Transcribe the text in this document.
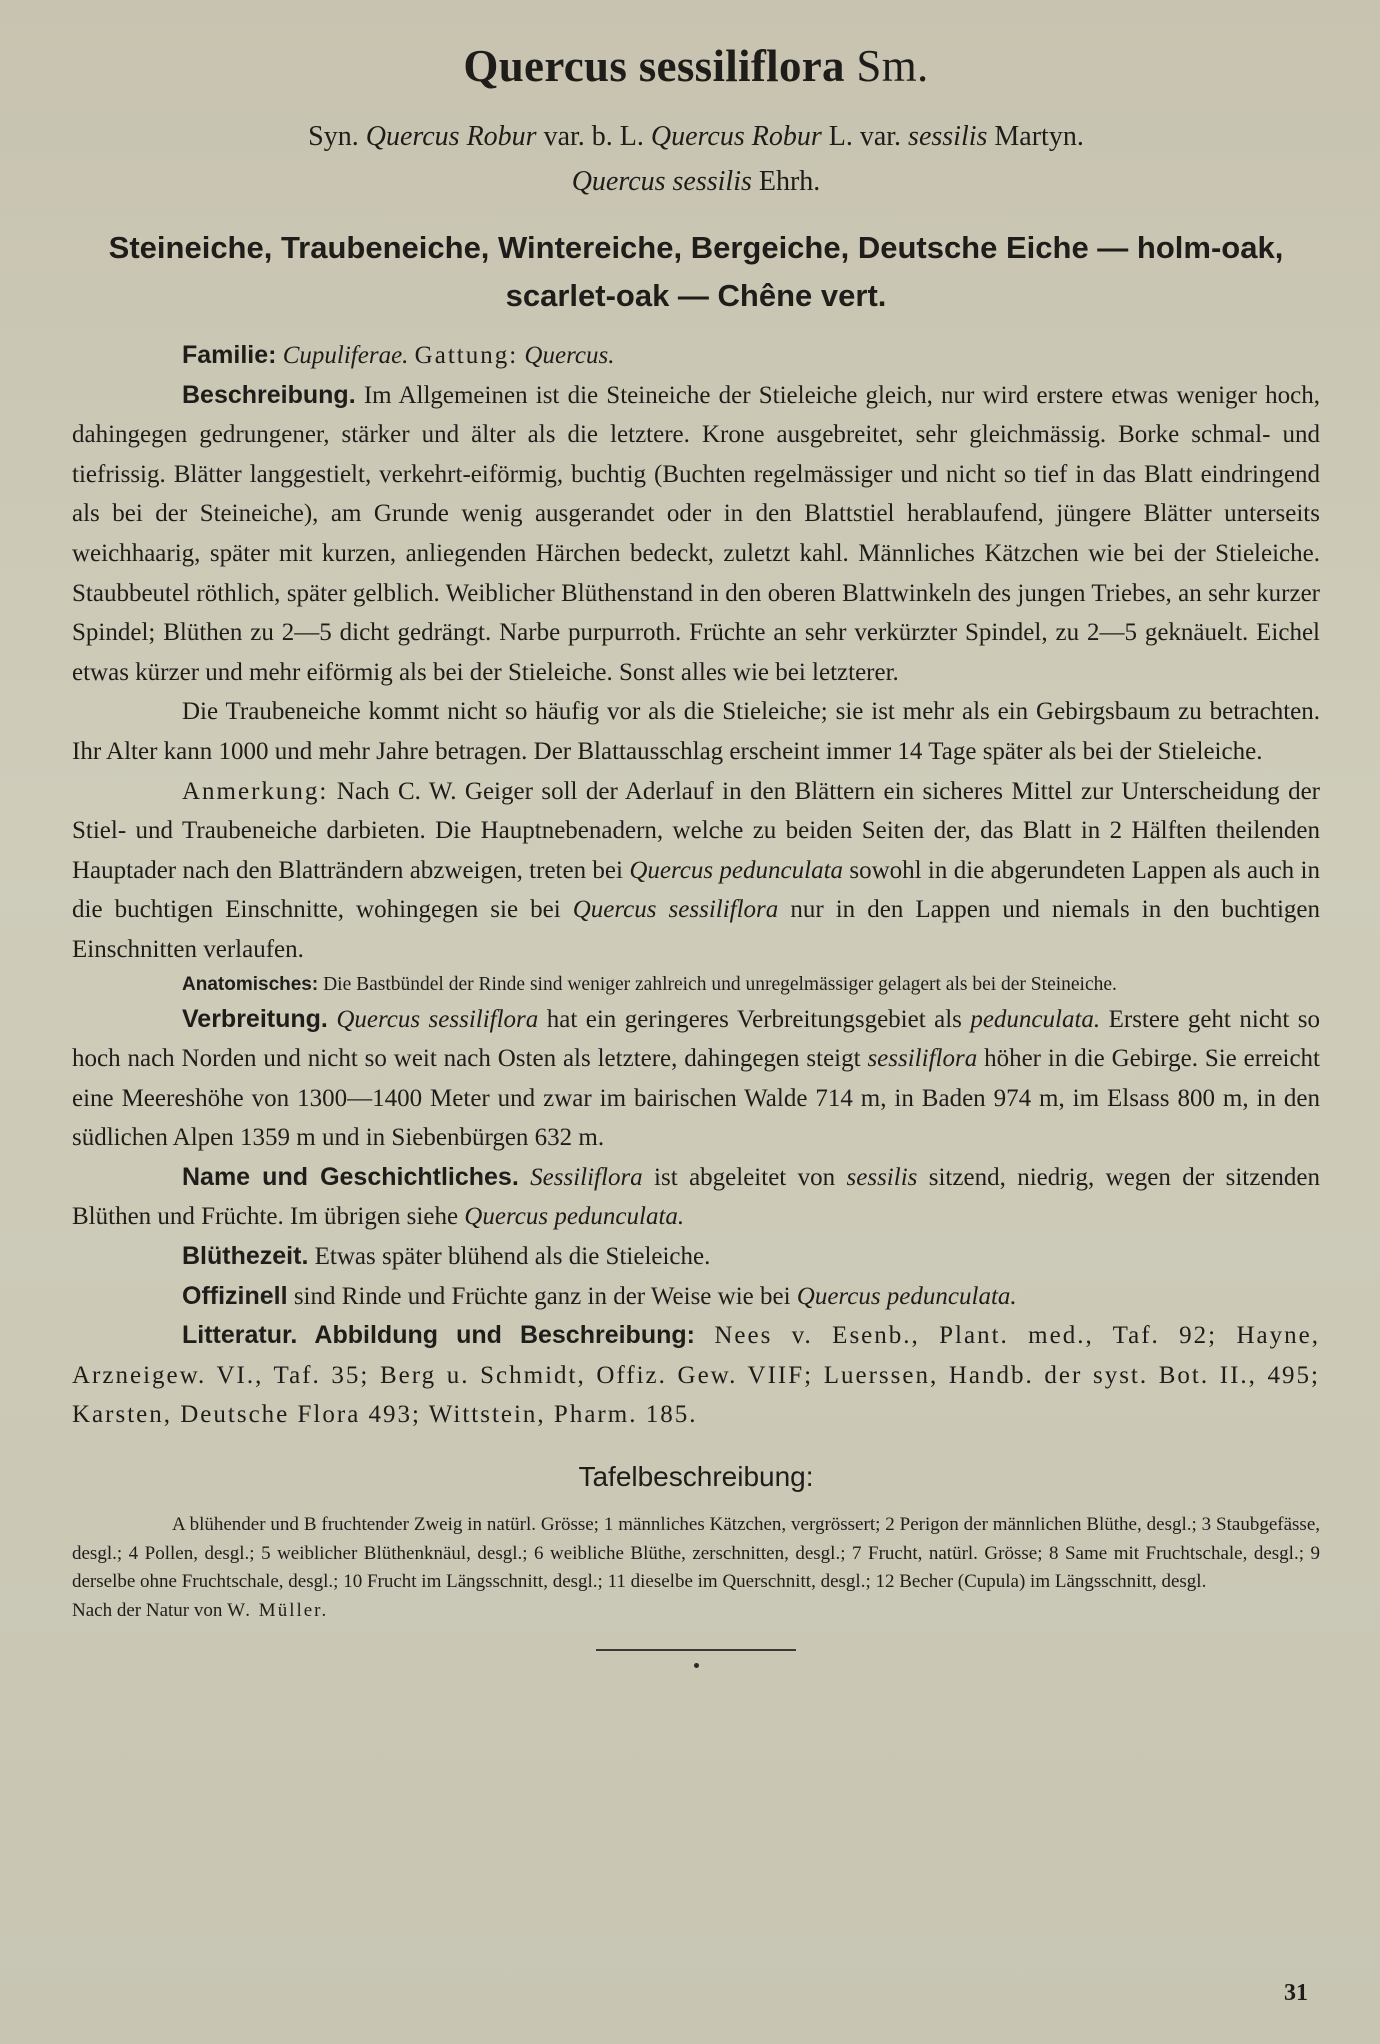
Quercus sessiliflora Sm.
Syn. Quercus Robur var. b. L. Quercus Robur L. var. sessilis Martyn.
Quercus sessilis Ehrh.
Steineiche, Traubeneiche, Wintereiche, Bergeiche, Deutsche Eiche — holm-oak,
scarlet-oak — Chêne vert.

Familie: Cupuliferae. Gattung: Quercus.

Beschreibung. Im Allgemeinen ist die Steineiche der Stieleiche gleich, nur wird erstere etwas weniger hoch, dahingegen gedrungener, stärker und älter als die letztere. Krone ausgebreitet, sehr gleichmässig. Borke schmal- und tiefrissig. Blätter langgestielt, verkehrt-eiförmig, buchtig (Buchten regelmässiger und nicht so tief in das Blatt eindringend als bei der Steineiche), am Grunde wenig ausgerandet oder in den Blattstiel herablaufend, jüngere Blätter unterseits weichhaarig, später mit kurzen, anliegenden Härchen bedeckt, zuletzt kahl. Männliches Kätzchen wie bei der Stieleiche. Staubbeutel röthlich, später gelblich. Weiblicher Blüthenstand in den oberen Blattwinkeln des jungen Triebes, an sehr kurzer Spindel; Blüthen zu 2—5 dicht gedrängt. Narbe purpurroth. Früchte an sehr verkürzter Spindel, zu 2—5 geknäuelt. Eichel etwas kürzer und mehr eiförmig als bei der Stieleiche. Sonst alles wie bei letzterer.

Die Traubeneiche kommt nicht so häufig vor als die Stieleiche; sie ist mehr als ein Gebirgsbaum zu betrachten. Ihr Alter kann 1000 und mehr Jahre betragen. Der Blattausschlag erscheint immer 14 Tage später als bei der Stieleiche.

Anmerkung: Nach C. W. Geiger soll der Aderlauf in den Blättern ein sicheres Mittel zur Unterscheidung der Stiel- und Traubeneiche darbieten. Die Hauptnebenadern, welche zu beiden Seiten der, das Blatt in 2 Hälften theilenden Hauptader nach den Blatträndern abzweigen, treten bei Quercus pedunculata sowohl in die abgerundeten Lappen als auch in die buchtigen Einschnitte, wohingegen sie bei Quercus sessiliflora nur in den Lappen und niemals in den buchtigen Einschnitten verlaufen.

Anatomisches: Die Bastbündel der Rinde sind weniger zahlreich und unregelmässiger gelagert als bei der Steineiche.

Verbreitung. Quercus sessiliflora hat ein geringeres Verbreitungsgebiet als pedunculata. Erstere geht nicht so hoch nach Norden und nicht so weit nach Osten als letztere, dahingegen steigt sessiliflora höher in die Gebirge. Sie erreicht eine Meereshöhe von 1300—1400 Meter und zwar im bairischen Walde 714 m, in Baden 974 m, im Elsass 800 m, in den südlichen Alpen 1359 m und in Siebenbürgen 632 m.

Name und Geschichtliches. Sessiliflora ist abgeleitet von sessilis sitzend, niedrig, wegen der sitzenden Blüthen und Früchte. Im übrigen siehe Quercus pedunculata.

Blüthezeit. Etwas später blühend als die Stieleiche.

Offizinell sind Rinde und Früchte ganz in der Weise wie bei Quercus pedunculata.

Litteratur. Abbildung und Beschreibung: Nees v. Esenb., Plant. med., Taf. 92; Hayne, Arzneigew. VI., Taf. 35; Berg u. Schmidt, Offiz. Gew. VIIF; Luerssen, Handb. der syst. Bot. II., 495; Karsten, Deutsche Flora 493; Wittstein, Pharm. 185.

Tafelbeschreibung:

A blühender und B fruchtender Zweig in natürl. Grösse; 1 männliches Kätzchen, vergrössert; 2 Perigon der männlichen Blüthe, desgl.; 3 Staubgefässe, desgl.; 4 Pollen, desgl.; 5 weiblicher Blüthenknäul, desgl.; 6 weibliche Blüthe, zerschnitten, desgl.; 7 Frucht, natürl. Grösse; 8 Same mit Fruchtschale, desgl.; 9 derselbe ohne Fruchtschale, desgl.; 10 Frucht im Längsschnitt, desgl.; 11 dieselbe im Querschnitt, desgl.; 12 Becher (Cupula) im Längsschnitt, desgl.

Nach der Natur von W. Müller.

31
